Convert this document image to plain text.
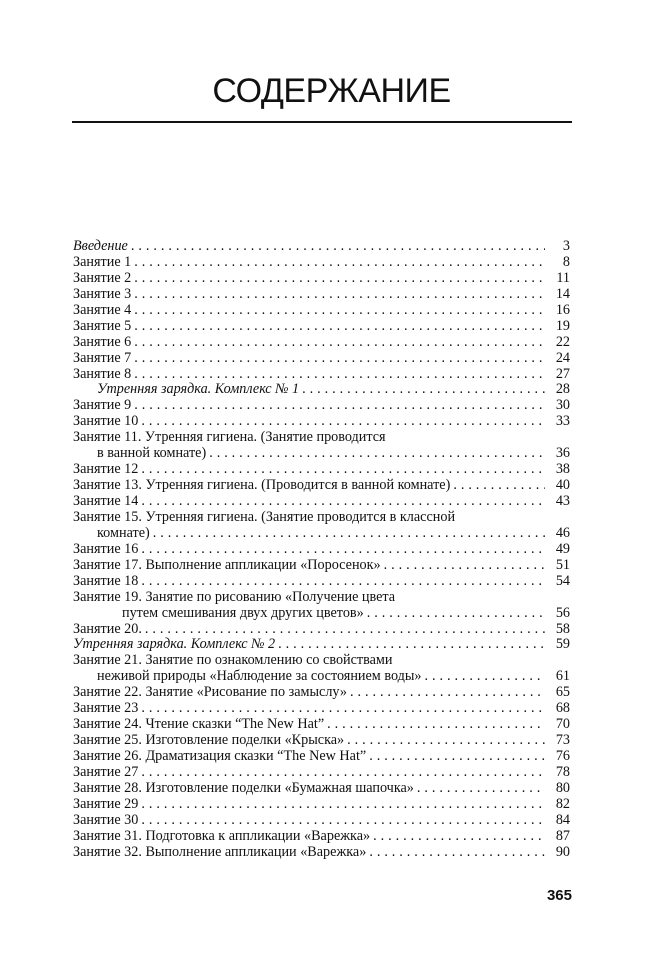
СОДЕРЖАНИЕ
Введение . . .	3
Занятие 1 . . .	8
Занятие 2 . . .	11
Занятие 3 . . .	14
Занятие 4 . . .	16
Занятие 5 . . .	19
Занятие 6 . . .	22
Занятие 7 . . .	24
Занятие 8 . . .	27
Утренняя зарядка. Комплекс № 1 . . .	28
Занятие 9 . . .	30
Занятие 10 . . .	33
Занятие 11. Утренняя гигиена. (Занятие проводится
в ванной комнате) . . .	36
Занятие 12 . . .	38
Занятие 13. Утренняя гигиена. (Проводится в ванной комнате) . . .	40
Занятие 14 . . .	43
Занятие 15. Утренняя гигиена. (Занятие проводится в классной
комнате) . . .	46
Занятие 16 . . .	49
Занятие 17. Выполнение аппликации «Поросенок» . . .	51
Занятие 18 . . .	54
Занятие 19. Занятие по рисованию «Получение цвета
путем смешивания двух других цветов» . . .	56
Занятие 20. . . .	58
Утренняя зарядка. Комплекс № 2 . . .	59
Занятие 21. Занятие по ознакомлению со свойствами
неживой природы «Наблюдение за состоянием воды» . . .	61
Занятие 22. Занятие «Рисование по замыслу» . . .	65
Занятие 23 . . .	68
Занятие 24. Чтение сказки “The New Hat” . . .	70
Занятие 25. Изготовление поделки «Крыска» . . .	73
Занятие 26. Драматизация сказки “The New Hat” . . .	76
Занятие 27 . . .	78
Занятие 28. Изготовление поделки «Бумажная шапочка» . . .	80
Занятие 29 . . .	82
Занятие 30 . . .	84
Занятие 31. Подготовка к аппликации «Варежка» . . .	87
Занятие 32. Выполнение аппликации «Варежка» . . .	90
365
